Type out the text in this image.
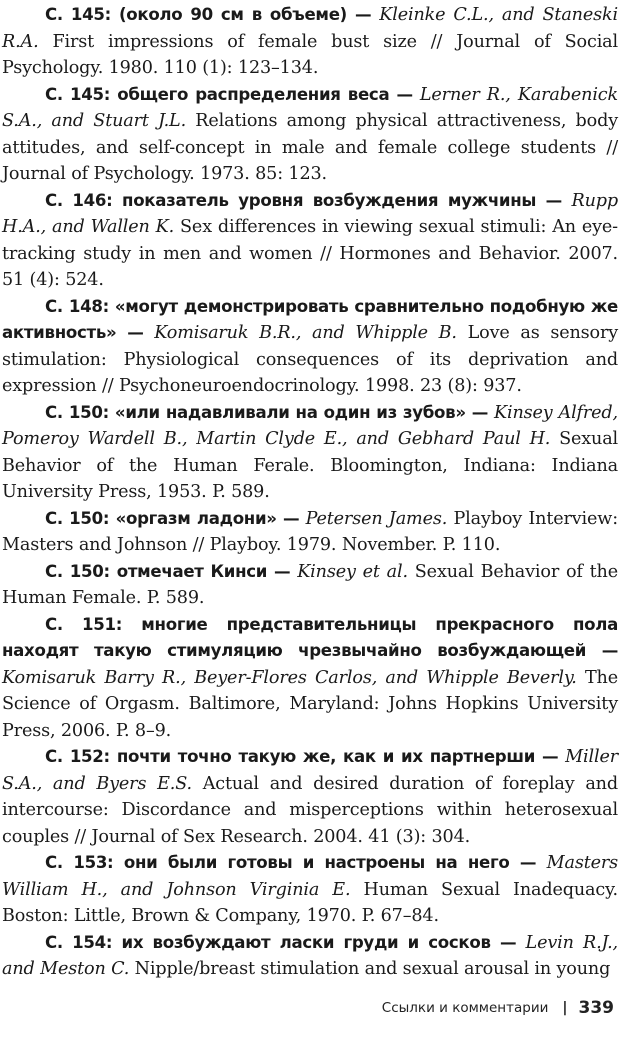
С. 145: (около 90 см в объеме) — Kleinke C.L., and Staneski R.A. First impressions of female bust size // Journal of Social Psychology. 1980. 110 (1): 123–134.

С. 145: общего распределения веса — Lerner R., Karabenick S.A., and Stuart J.L. Relations among physical attractiveness, body attitudes, and self-concept in male and female college students // Journal of Psychology. 1973. 85: 123.

С. 146: показатель уровня возбуждения мужчины — Rupp H.A., and Wallen K. Sex differences in viewing sexual stimuli: An eye-tracking study in men and women // Hormones and Behavior. 2007. 51 (4): 524.

С. 148: «могут демонстрировать сравнительно подобную же активность» — Komisaruk B.R., and Whipple B. Love as sensory stimulation: Physiological consequences of its deprivation and expression // Psychoneuroendocrinology. 1998. 23 (8): 937.

С. 150: «или надавливали на один из зубов» — Kinsey Alfred, Pomeroy Wardell B., Martin Clyde E., and Gebhard Paul H. Sexual Behavior of the Human Ferale. Bloomington, Indiana: Indiana University Press, 1953. P. 589.

С. 150: «оргазм ладони» — Petersen James. Playboy Interview: Masters and Johnson // Playboy. 1979. November. P. 110.

С. 150: отмечает Кинси — Kinsey et al. Sexual Behavior of the Human Female. P. 589.

С. 151: многие представительницы прекрасного пола находят такую стимуляцию чрезвычайно возбуждающей — Komisaruk Barry R., Beyer-Flores Carlos, and Whipple Beverly. The Science of Orgasm. Baltimore, Maryland: Johns Hopkins University Press, 2006. P. 8–9.

С. 152: почти точно такую же, как и их партнерши — Miller S.A., and Byers E.S. Actual and desired duration of foreplay and intercourse: Discordance and misperceptions within heterosexual couples // Journal of Sex Research. 2004. 41 (3): 304.

С. 153: они были готовы и настроены на него — Masters William H., and Johnson Virginia E. Human Sexual Inadequacy. Boston: Little, Brown & Company, 1970. P. 67–84.

С. 154: их возбуждают ласки груди и сосков — Levin R.J., and Meston C. Nipple/breast stimulation and sexual arousal in young

Ссылки и комментарии | 339
